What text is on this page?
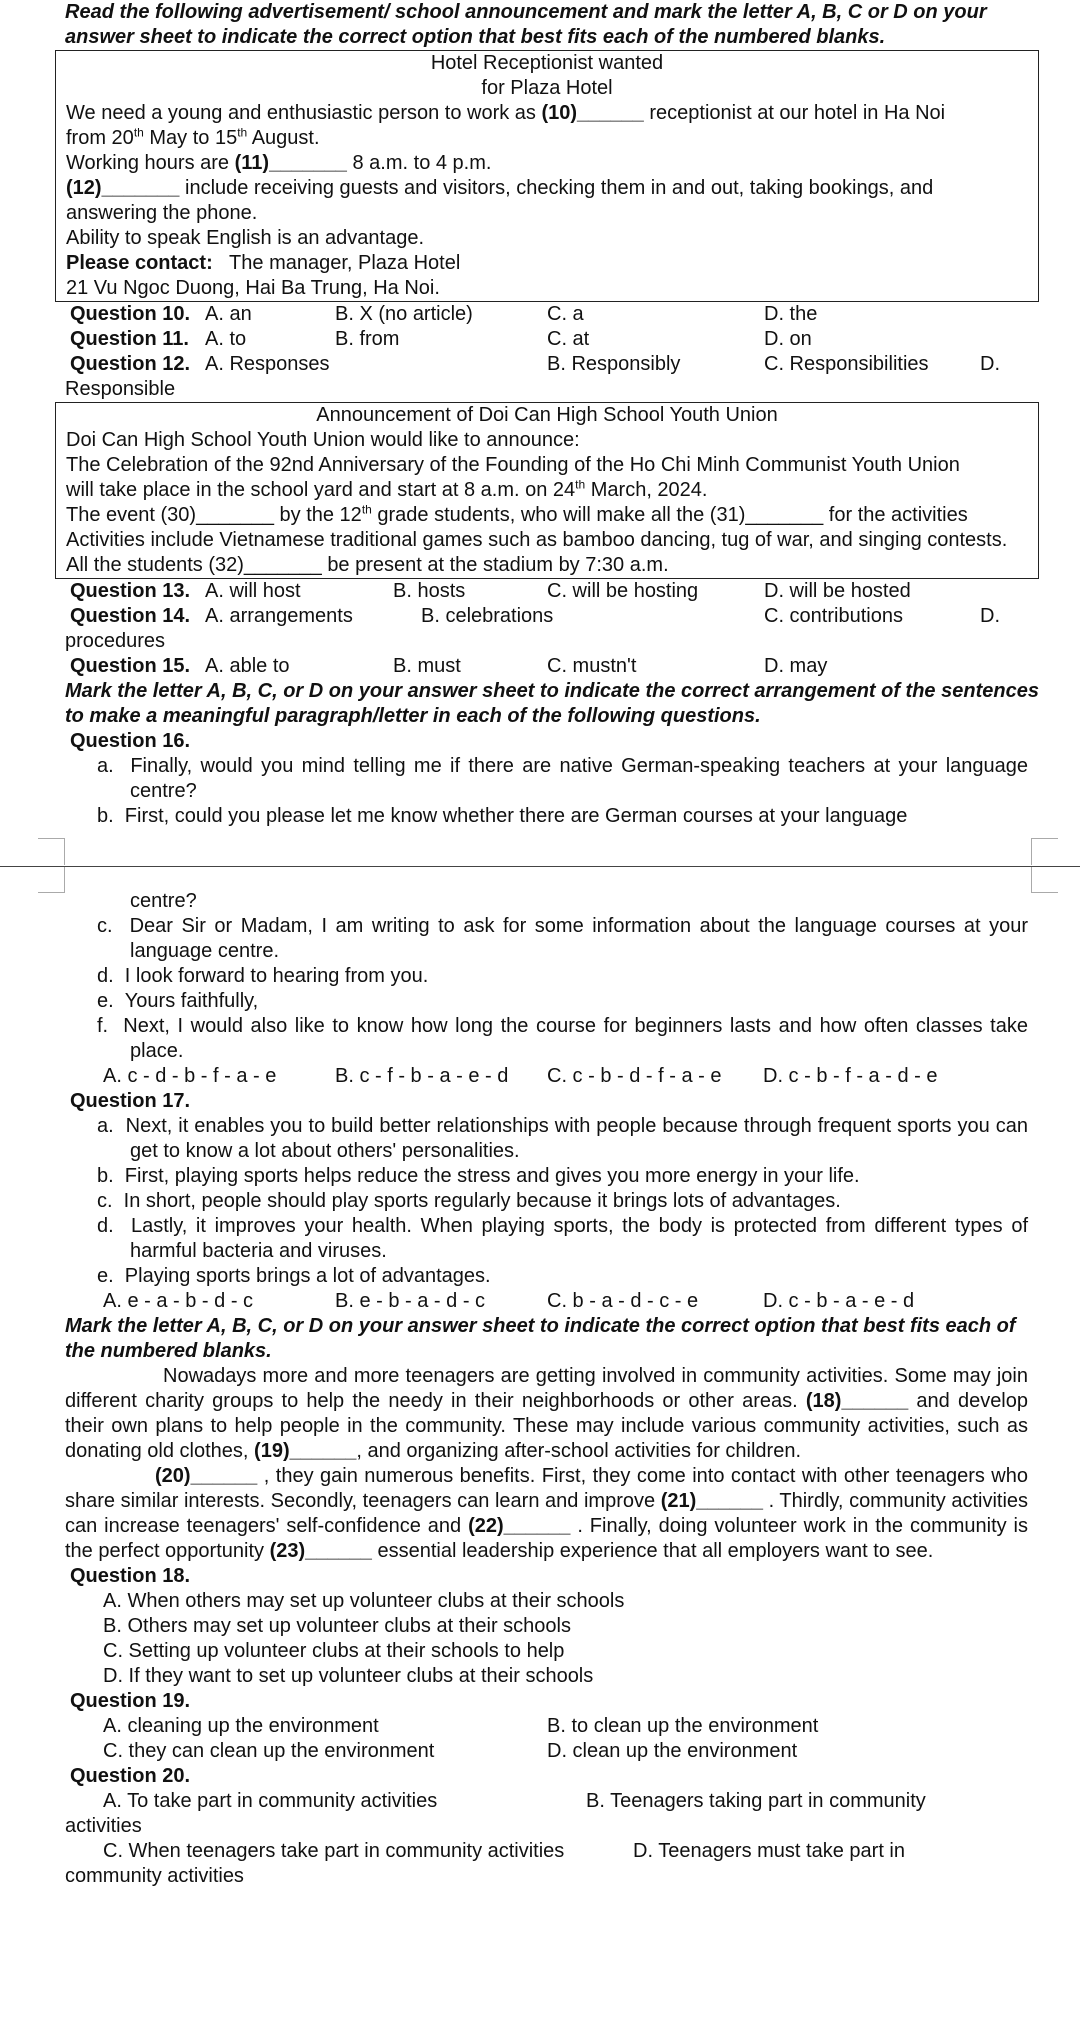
Read the following advertisement/ school announcement and mark the letter A, B, C or D on your answer sheet to indicate the correct option that best fits each of the numbered blanks.
Hotel Receptionist wanted
for Plaza Hotel
We need a young and enthusiastic person to work as (10)______ receptionist at our hotel in Ha Noi
from 20th May to 15th August.
Working hours are (11)_______ 8 a.m. to 4 p.m.
(12)_______ include receiving guests and visitors, checking them in and out, taking bookings, and answering the phone.
Ability to speak English is an advantage.
Please contact: The manager, Plaza Hotel
21 Vu Ngoc Duong, Hai Ba Trung, Ha Noi.
Question 10. A. an	B. X (no article)	C. a	D. the
Question 11. A. to	B. from	C. at	D. on
Question 12. A. Responses	B. Responsibly	C. Responsibilities	D.
Responsible
Announcement of Doi Can High School Youth Union
Doi Can High School Youth Union would like to announce:
The Celebration of the 92nd Anniversary of the Founding of the Ho Chi Minh Communist Youth Union
will take place in the school yard and start at 8 a.m. on 24th March, 2024.
The event (30)_______ by the 12th grade students, who will make all the (31)_______ for the activities
Activities include Vietnamese traditional games such as bamboo dancing, tug of war, and singing contests.
All the students (32)_______ be present at the stadium by 7:30 a.m.
Question 13. A. will host	B. hosts	C. will be hosting	D. will be hosted
Question 14. A. arrangements	B. celebrations	C. contributions	D.
procedures
Question 15. A. able to	B. must	C. mustn't	D. may
Mark the letter A, B, C, or D on your answer sheet to indicate the correct arrangement of the sentences to make a meaningful paragraph/letter in each of the following questions.
Question 16.
a.  Finally, would you mind telling me if there are native German-speaking teachers at your language centre?
b.  First, could you please let me know whether there are German courses at your language
centre?
c.  Dear Sir or Madam, I am writing to ask for some information about the language courses at your language centre.
d.  I look forward to hearing from you.
e.  Yours faithfully,
f.  Next, I would also like to know how long the course for beginners lasts and how often classes take place.
A. c - d - b - f - a - e	B. c - f - b - a - e - d C. c - b - d - f - a - e D. c - b - f - a - d - e
Question 17.
a.  Next, it enables you to build better relationships with people because through frequent sports you can get to know a lot about others' personalities.
b.  First, playing sports helps reduce the stress and gives you more energy in your life.
c.  In short, people should play sports regularly because it brings lots of advantages.
d.  Lastly, it improves your health. When playing sports, the body is protected from different types of harmful bacteria and viruses.
e.  Playing sports brings a lot of advantages.
A. e - a - b - d - c	B. e - b - a - d - c	C. b - a - d - c - e	D. c - b - a - e - d
Mark the letter A, B, C, or D on your answer sheet to indicate the correct option that best fits each of the numbered blanks.
Nowadays more and more teenagers are getting involved in community activities. Some may join different charity groups to help the needy in their neighborhoods or other areas. (18)______ and develop their own plans to help people in the community. These may include various community activities, such as donating old clothes, (19)______, and organizing after-school activities for children.
(20)______ , they gain numerous benefits. First, they come into contact with other teenagers who share similar interests. Secondly, teenagers can learn and improve (21)______ . Thirdly, community activities can increase teenagers' self-confidence and (22)______ . Finally, doing volunteer work in the community is the perfect opportunity (23)______ essential leadership experience that all employers want to see.
Question 18.
A. When others may set up volunteer clubs at their schools
B. Others may set up volunteer clubs at their schools
C. Setting up volunteer clubs at their schools to help
D. If they want to set up volunteer clubs at their schools
Question 19.
A. cleaning up the environment	B. to clean up the environment
C. they can clean up the environment	D. clean up the environment
Question 20.
A. To take part in community activities	B. Teenagers taking part in community
activities
C. When teenagers take part in community activities	D. Teenagers must take part in
community activities
